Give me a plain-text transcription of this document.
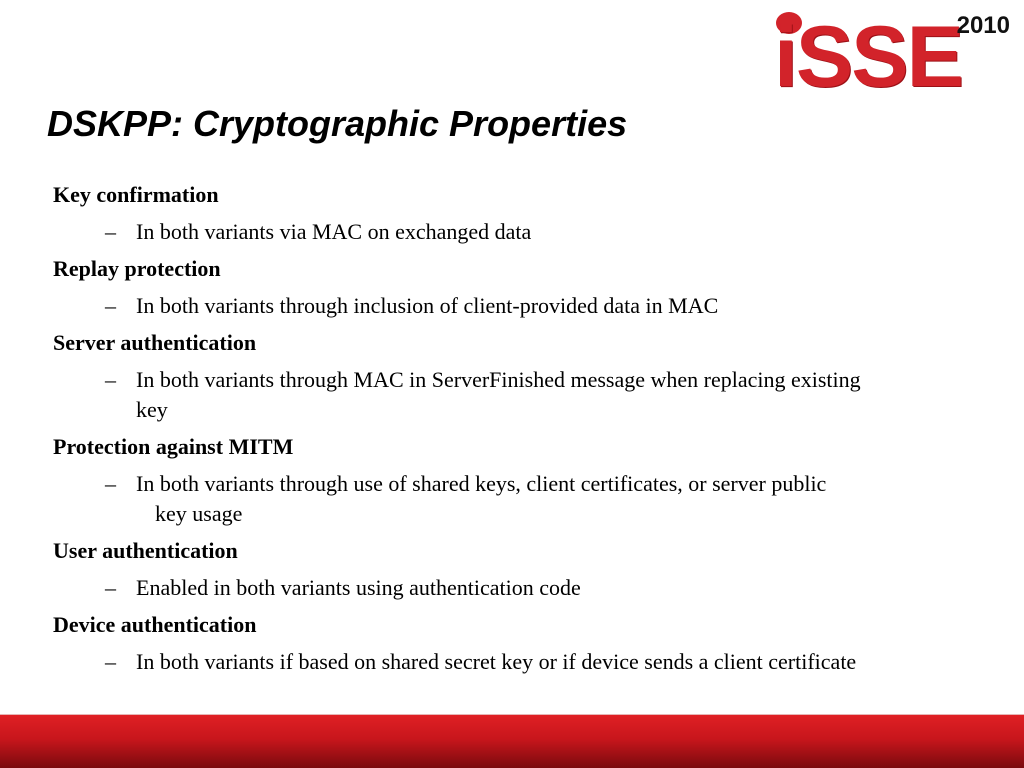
iSSE
2010
DSKPP: Cryptographic Properties
Key confirmation
– In both variants via MAC on exchanged data
Replay protection
– In both variants through inclusion of client-provided data in MAC
Server authentication
– In both variants through MAC in ServerFinished message when replacing existing key
Protection against MITM
– In both variants through use of shared keys, client certificates, or server public
key usage
User authentication
– Enabled in both variants using authentication code
Device authentication
– In both variants if based on shared secret key or if device sends a client certificate
